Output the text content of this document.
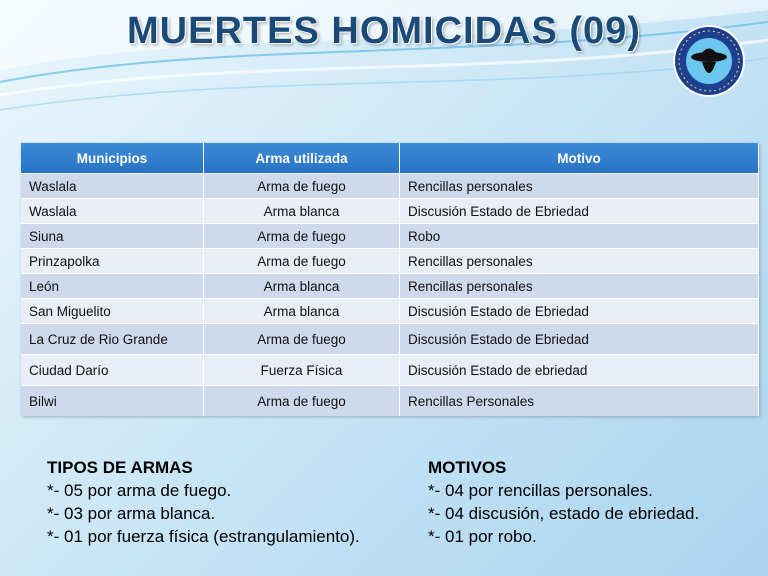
MUERTES HOMICIDAS (09)
Municipios	Arma utilizada	Motivo
Waslala	Arma de fuego	Rencillas personales
Waslala	Arma blanca	Discusión Estado de Ebriedad
Siuna	Arma de fuego	Robo
Prinzapolka	Arma de fuego	Rencillas personales
León	Arma blanca	Rencillas personales
San Miguelito	Arma blanca	Discusión Estado de Ebriedad
La Cruz de Rio Grande	Arma de fuego	Discusión Estado de Ebriedad
Ciudad Darío	Fuerza Física	Discusión Estado de ebriedad
Bilwi	Arma de fuego	Rencillas Personales
TIPOS DE ARMAS
*- 05 por arma de fuego.
*- 03 por arma blanca.
*- 01 por fuerza física (estrangulamiento).
MOTIVOS
*- 04 por rencillas personales.
*- 04 discusión, estado de ebriedad.
*- 01 por robo.
